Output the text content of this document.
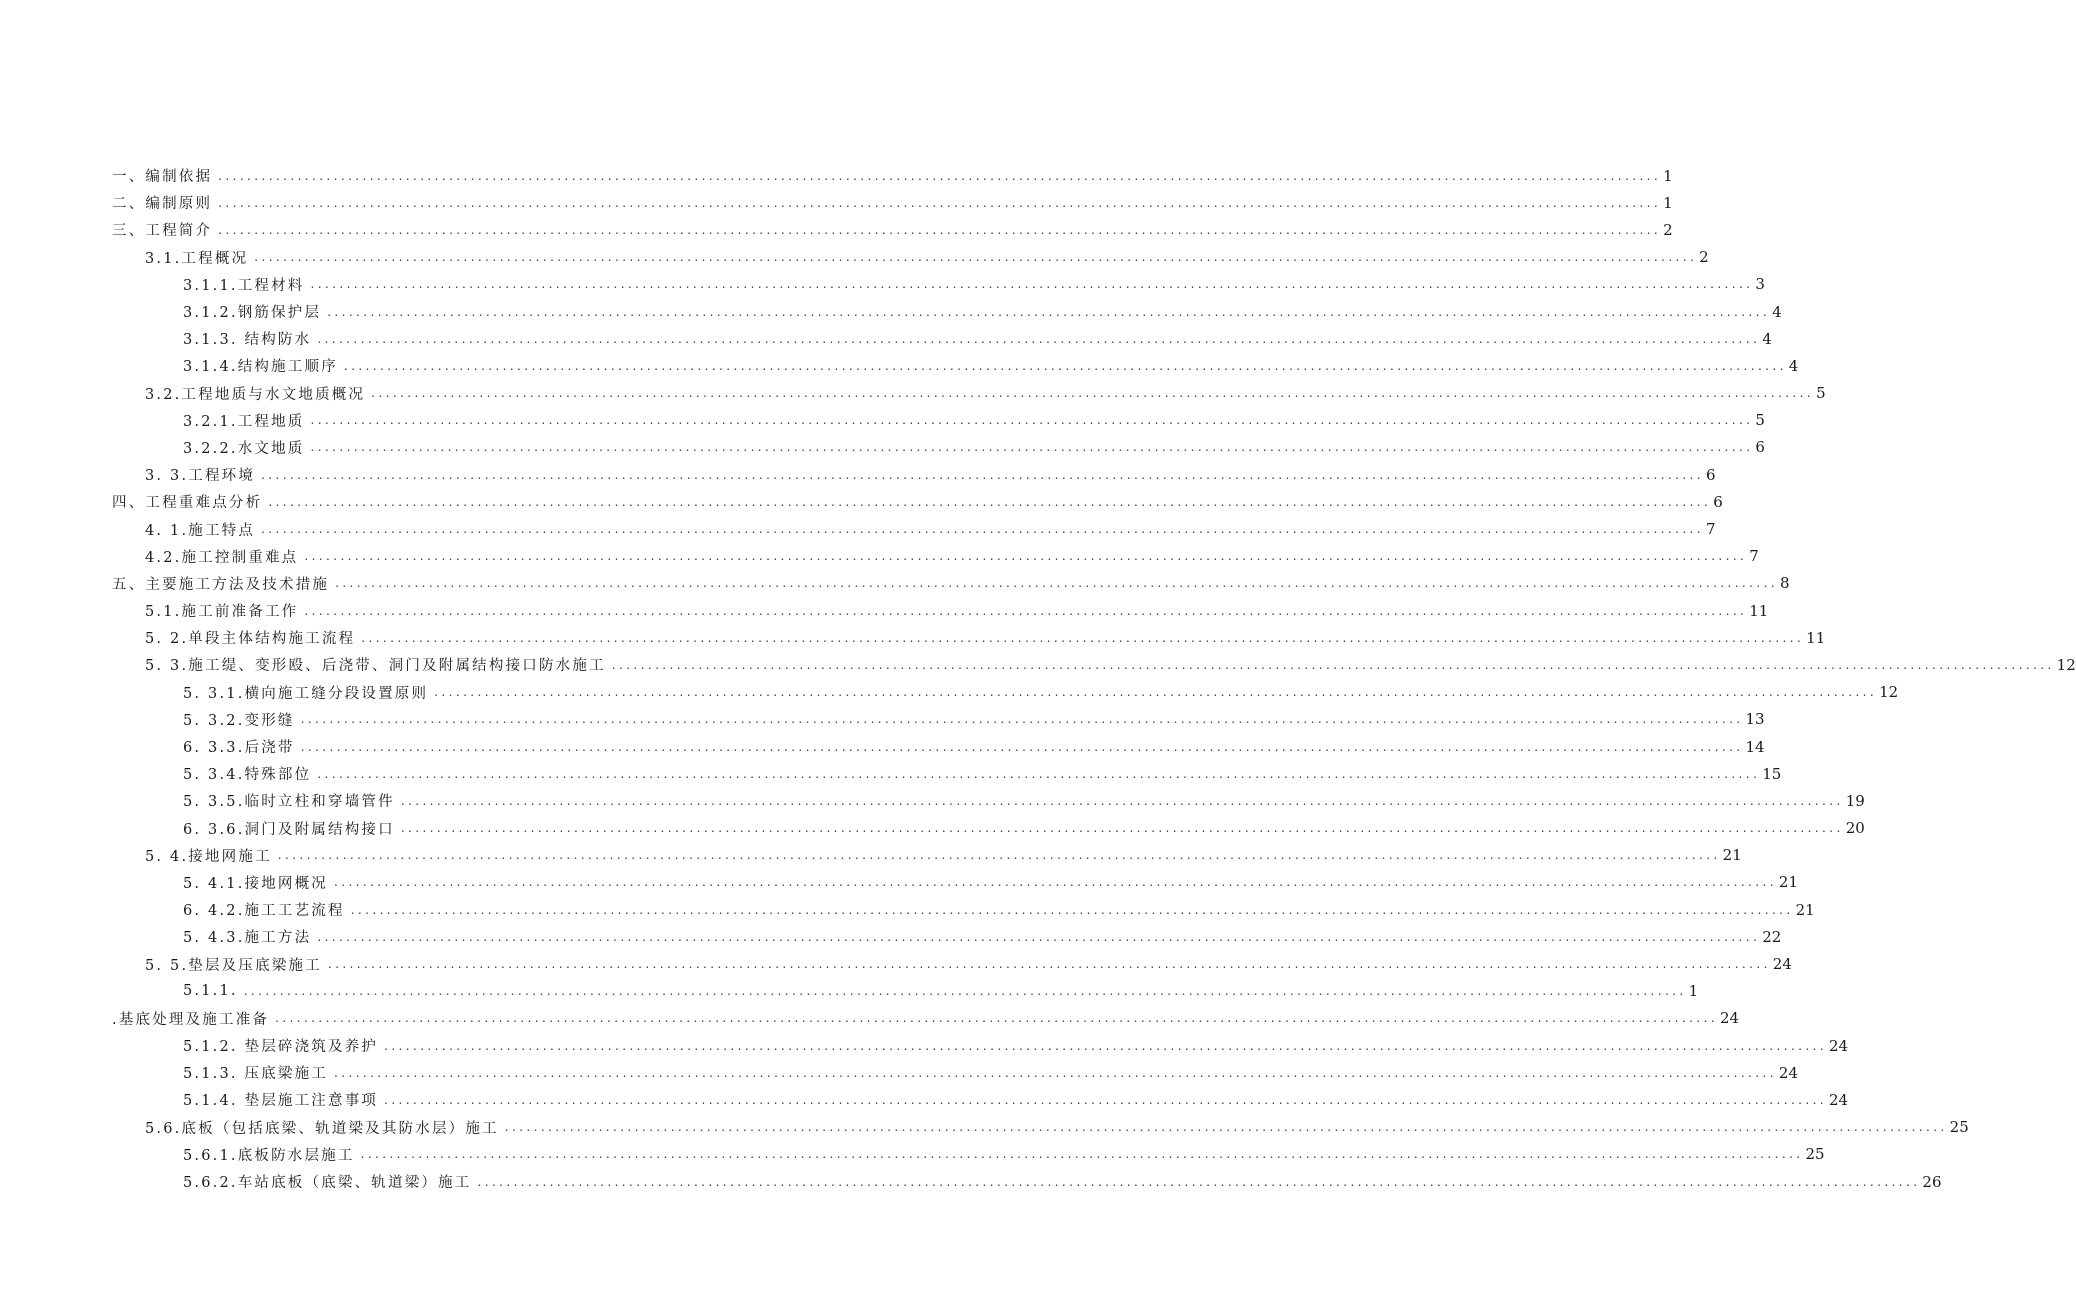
一、编制依据 ........................................................................................................................................................................................................ 1
二、编制原则 ........................................................................................................................................................................................................ 1
三、工程简介 ........................................................................................................................................................................................................ 2
3.1.工程概况 ........................................................................................................................................................................................................ 2
3.1.1.工程材料 ........................................................................................................................................................................................................ 3
3.1.2.钢筋保护层 ........................................................................................................................................................................................................ 4
3.1.3. 结构防水 ........................................................................................................................................................................................................ 4
3.1.4.结构施工顺序 ........................................................................................................................................................................................................ 4
3.2.工程地质与水文地质概况 ........................................................................................................................................................................................................ 5
3.2.1.工程地质 ........................................................................................................................................................................................................ 5
3.2.2.水文地质 ........................................................................................................................................................................................................ 6
3. 3.工程环境 ........................................................................................................................................................................................................ 6
四、工程重难点分析 ........................................................................................................................................................................................................ 6
4. 1.施工特点 ........................................................................................................................................................................................................ 7
4.2.施工控制重难点 ........................................................................................................................................................................................................ 7
五、主要施工方法及技术措施 ........................................................................................................................................................................................................ 8
5.1.施工前准备工作 ........................................................................................................................................................................................................ 11
5. 2.单段主体结构施工流程 ........................................................................................................................................................................................................ 11
5. 3.施工缇、变形殴、后浇带、洞门及附属结构接口防水施工 ........................................................................................................................................................................................................ 12
5. 3.1.横向施工缝分段设置原则 ........................................................................................................................................................................................................ 12
5. 3.2.变形缝 ........................................................................................................................................................................................................ 13
6. 3.3.后浇带 ........................................................................................................................................................................................................ 14
5. 3.4.特殊部位 ........................................................................................................................................................................................................ 15
5. 3.5.临时立柱和穿墙管件 ........................................................................................................................................................................................................ 19
6. 3.6.洞门及附属结构接口 ........................................................................................................................................................................................................ 20
5. 4.接地网施工 ........................................................................................................................................................................................................ 21
5. 4.1.接地网概况 ........................................................................................................................................................................................................ 21
6. 4.2.施工工艺流程 ........................................................................................................................................................................................................ 21
5. 4.3.施工方法 ........................................................................................................................................................................................................ 22
5. 5.垫层及压底梁施工 ........................................................................................................................................................................................................ 24
5.1.1. ........................................................................................................................................................................................................ 1
.基底处理及施工准备 ........................................................................................................................................................................................................ 24
5.1.2. 垫层碎浇筑及养护 ........................................................................................................................................................................................................ 24
5.1.3. 压底梁施工 ........................................................................................................................................................................................................ 24
5.1.4. 垫层施工注意事项 ........................................................................................................................................................................................................ 24
5.6.底板（包括底梁、轨道梁及其防水层）施工 ........................................................................................................................................................................................................ 25
5.6.1.底板防水层施工 ........................................................................................................................................................................................................ 25
5.6.2.车站底板（底梁、轨道梁）施工 ........................................................................................................................................................................................................ 26
